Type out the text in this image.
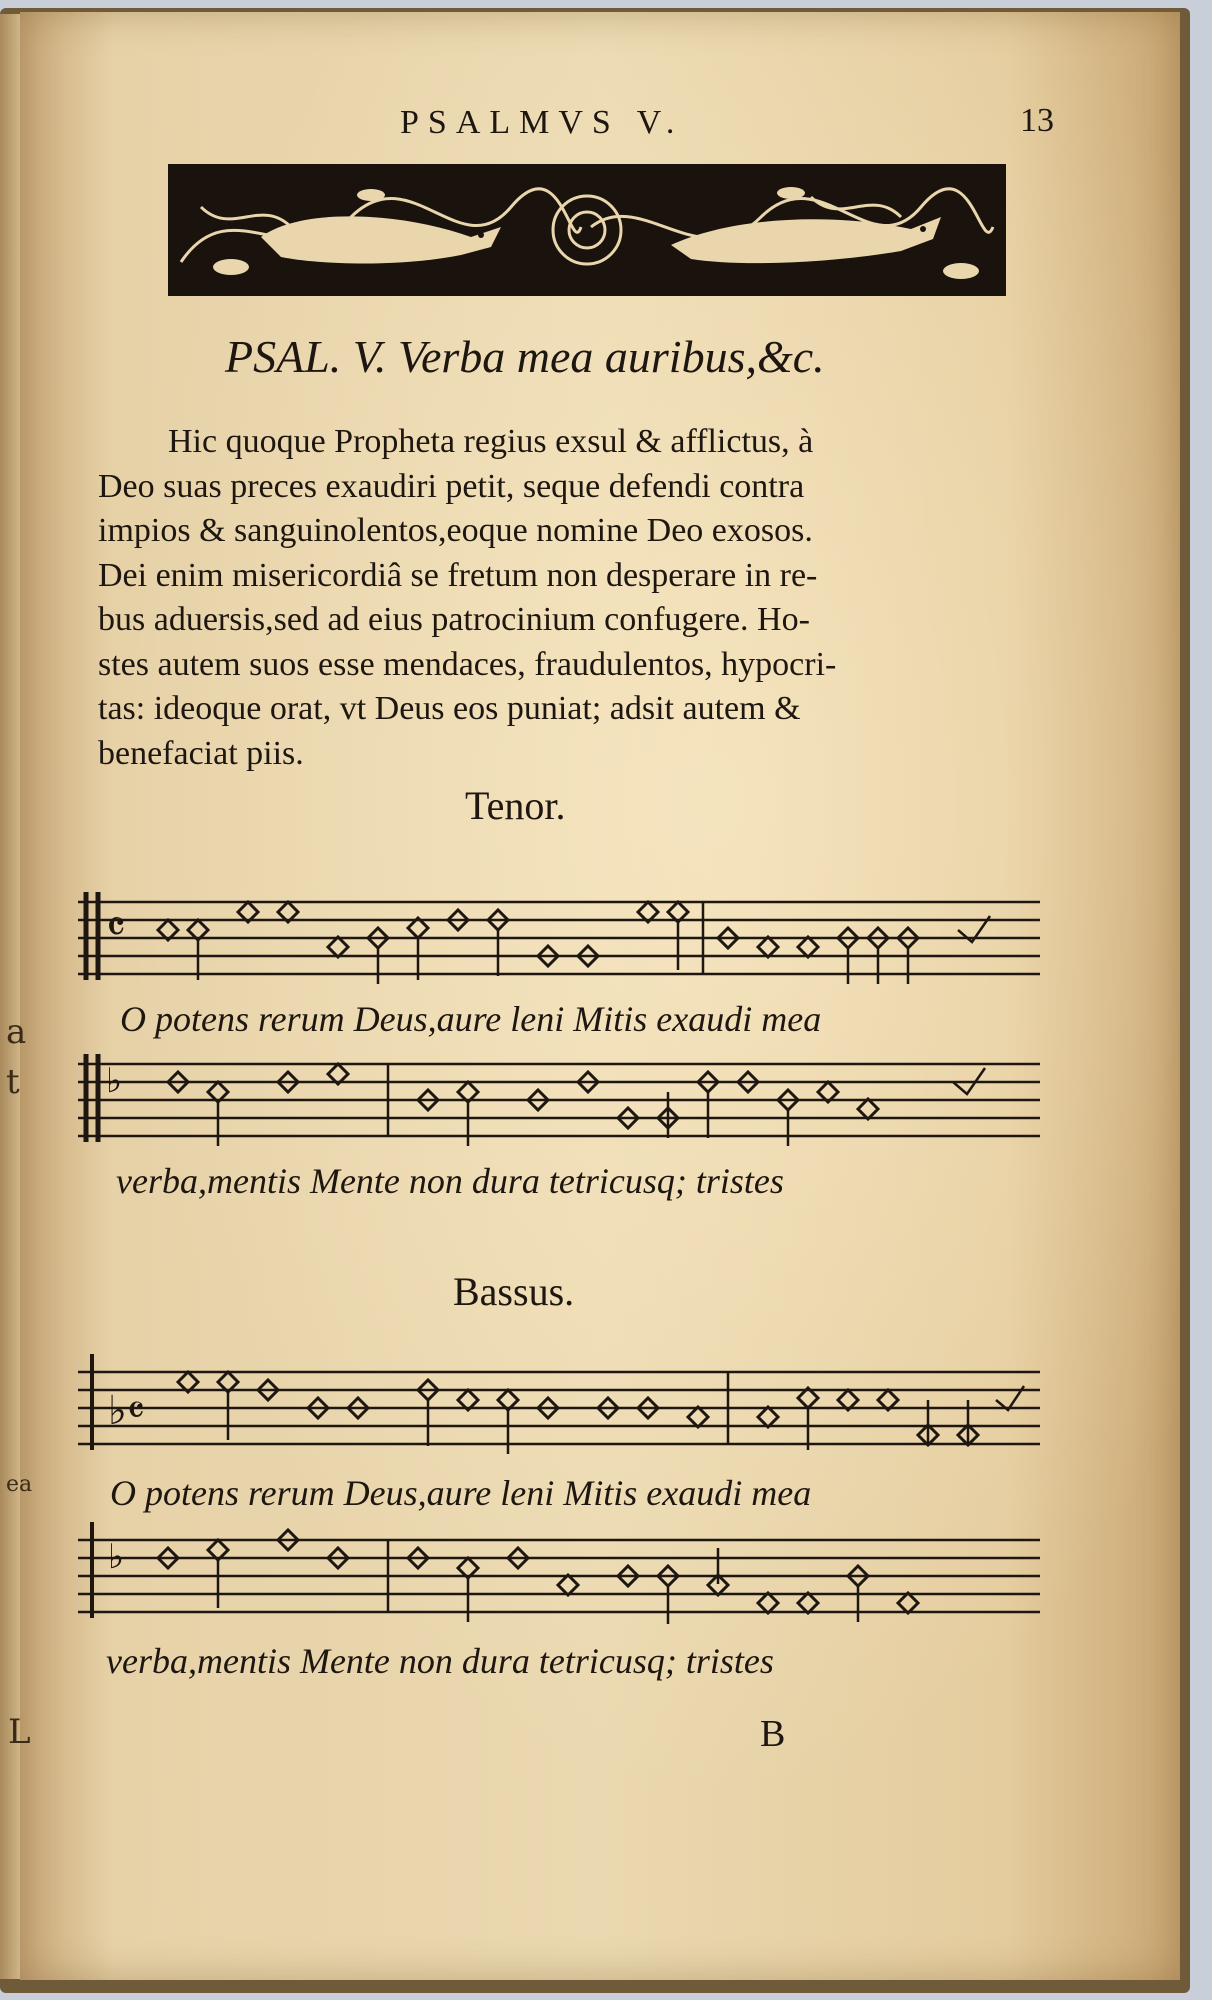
a
t
ea
L
PSALMVS V.	13
PSAL. V. Verba mea auribus,&c.
Hic quoque Propheta regius exsul & afflictus, à
Deo suas preces exaudiri petit, seque defendi contra
impios & sanguinolentos,eoque nomine Deo exosos.
Dei enim misericordiâ se fretum non desperare in re-
bus aduersis,sed ad eius patrocinium confugere. Ho-
stes autem suos esse mendaces, fraudulentos, hypocri-
tas: ideoque orat, vt Deus eos puniat; adsit autem &
benefaciat piis.
Tenor.
𝄴
O potens rerum Deus,aure leni Mitis exaudi mea
♭
verba,mentis Mente non dura tetricusq; tristes
Bassus.
♭𝄴
O potens rerum Deus,aure leni Mitis exaudi mea
♭
verba,mentis Mente non dura tetricusq; tristes
B
